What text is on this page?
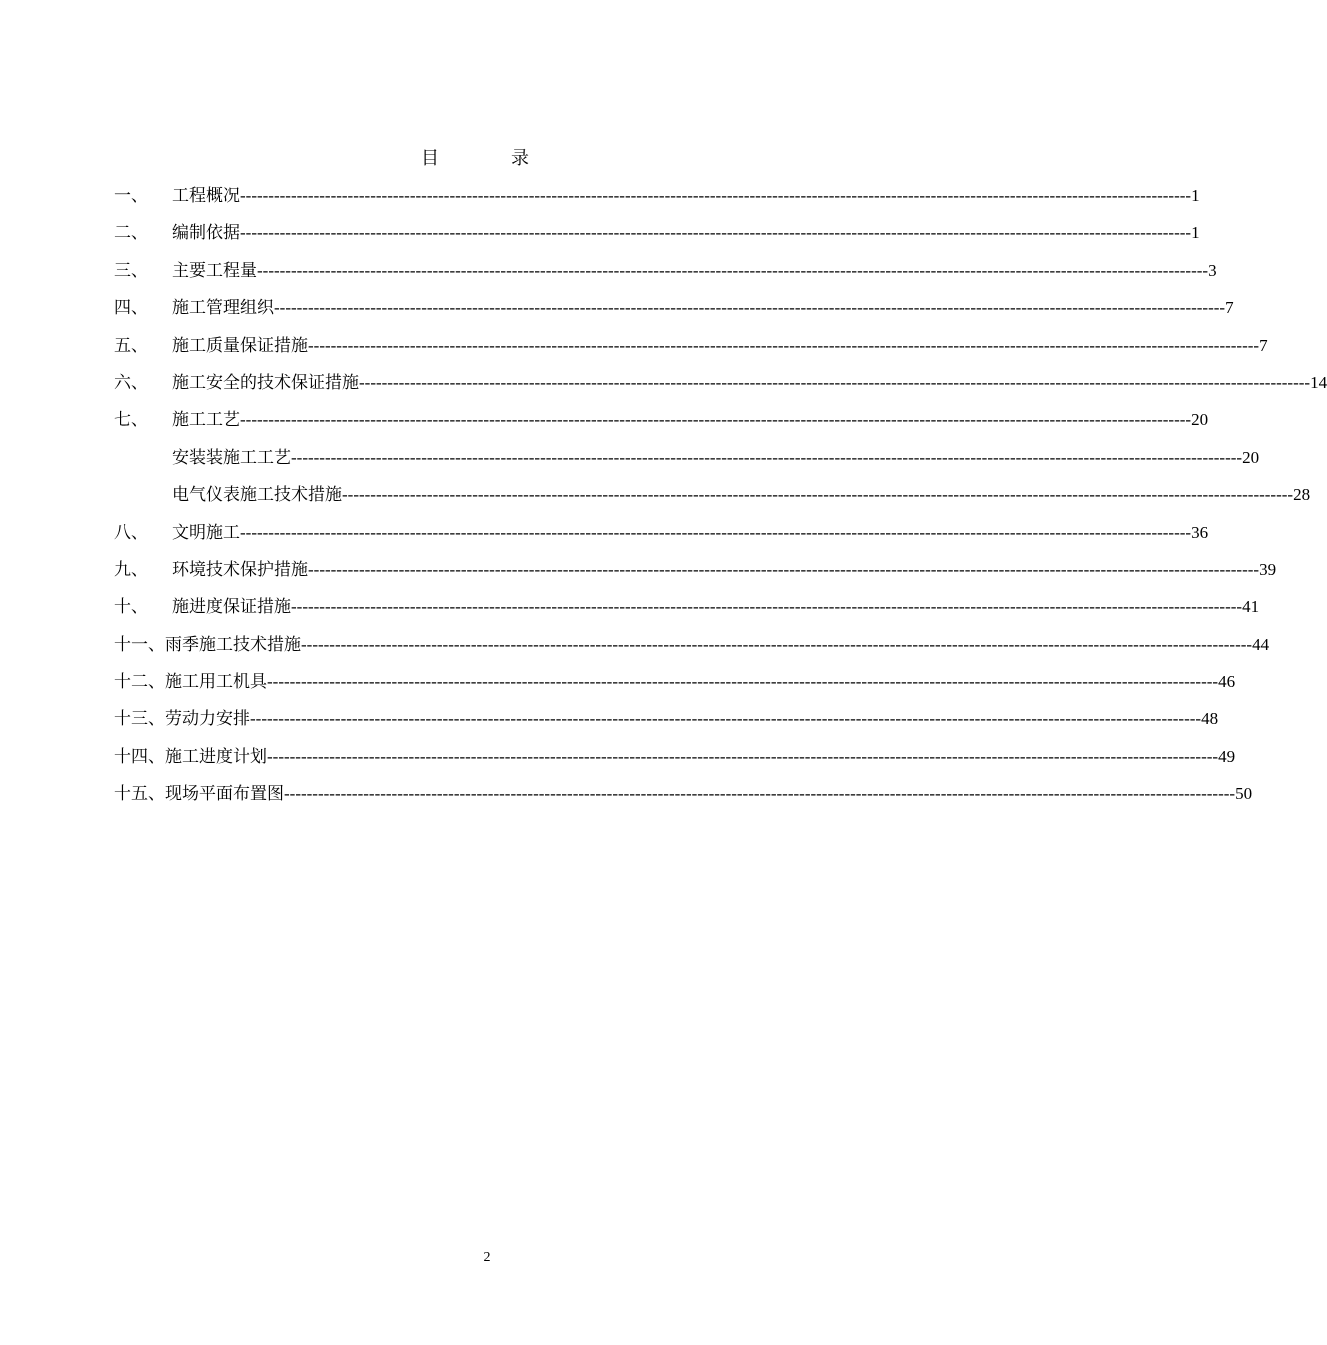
目	录
一、	工程概况 -----	1
二、	编制依据 -----	1
三、	主要工程量 -----	3
四、	施工管理组织 -----	7
五、	施工质量保证措施 -----	7
六、	施工安全的技术保证措施 -----	14
七、	施工工艺 -----	20
安装装施工工艺 -----	20
电气仪表施工技术措施 -----	28
八、	文明施工 -----	36
九、	环境技术保护措施 -----	39
十、	施进度保证措施 -----	41
十一、 雨季施工技术措施 -----	44
十二、 施工用工机具 -----	46
十三、 劳动力安排 -----	48
十四、 施工进度计划 -----	49
十五、 现场平面布置图 -----	50
2
